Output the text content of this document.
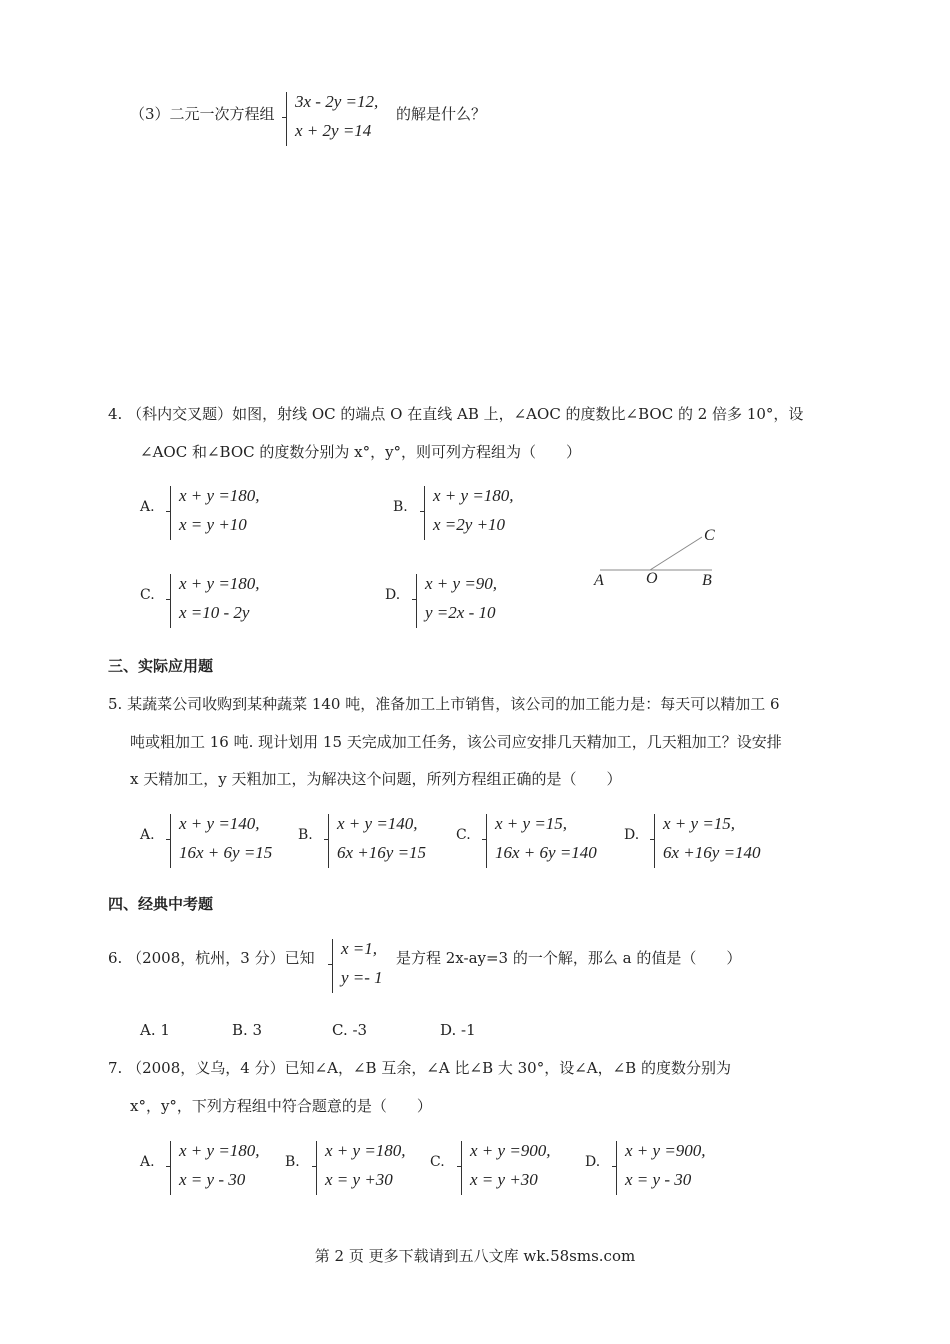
（3）二元一次方程组
3x - 2y =12,
x + 2y =14
的解是什么？
4. （科内交叉题）如图，射线 OC 的端点 O 在直线 AB 上，∠AOC 的度数比∠BOC 的 2 倍多 10°，设
∠AOC 和∠BOC 的度数分别为 x°，y°，则可列方程组为（　　）
A.
x + y =180,
x = y +10
B.
x + y =180,
x =2y +10
C.
x + y =180,
x =10 - 2y
D.
x + y =90,
y =2x - 10
A	O	B
C
三、实际应用题
5. 某蔬菜公司收购到某种蔬菜 140 吨，准备加工上市销售，该公司的加工能力是：每天可以精加工 6
吨或粗加工 16 吨. 现计划用 15 天完成加工任务，该公司应安排几天精加工，几天粗加工？设安排
x 天精加工，y 天粗加工，为解决这个问题，所列方程组正确的是（　　）
A.
x + y =140,
16x + 6y =15
B.
x + y =140,
6x +16y =15
C.
x + y =15,
16x + 6y =140
D.
x + y =15,
6x +16y =140
四、经典中考题
6. （2008，杭州，3 分）已知 x =1,
y =- 1
是方程 2x-ay=3 的一个解，那么 a 的值是（　　）
A. 1	B. 3	C. -3	D. -1
7. （2008，义乌，4 分）已知∠A，∠B 互余，∠A 比∠B 大 30°，设∠A，∠B 的度数分别为
x°，y°，下列方程组中符合题意的是（　　）
A.
x + y =180,
x = y - 30
B.
x + y =180,
x = y +30
C.
x + y =900,
x = y +30
D.
x + y =900,
x = y - 30
第 2 页 更多下载请到五八文库 wk.58sms.com
